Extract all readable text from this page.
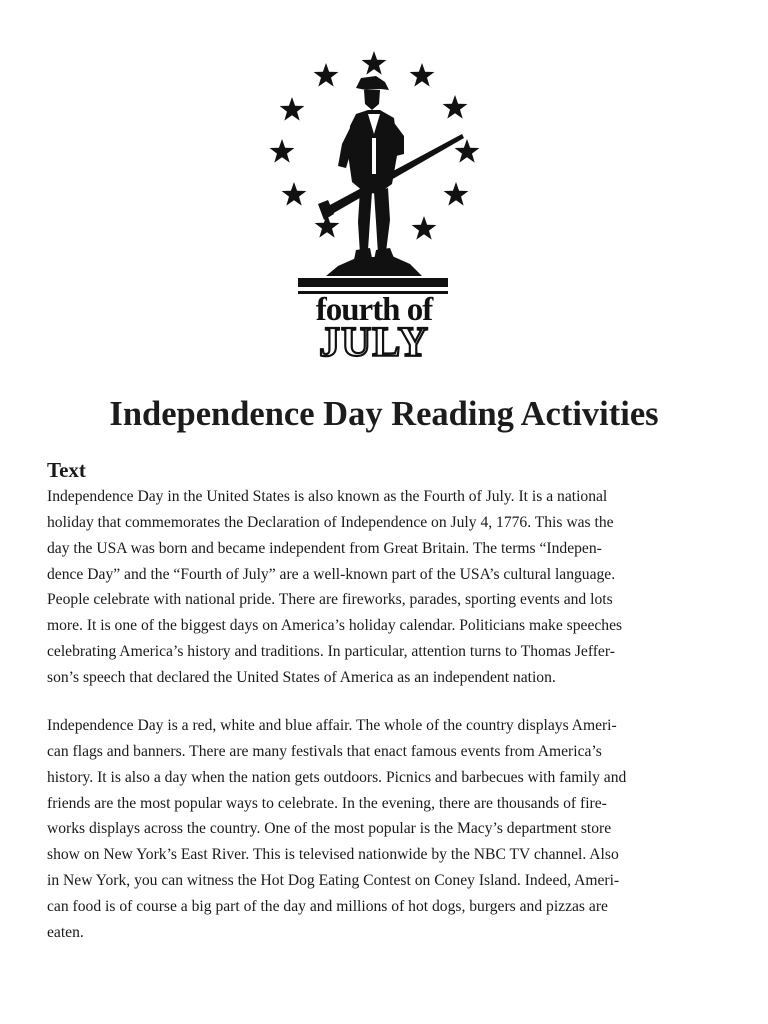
fourth of
JULY
Independence Day Reading Activities
Text

Independence Day in the United States is also known as the Fourth of July. It is a national
holiday that commemorates the Declaration of Independence on July 4, 1776. This was the
day the USA was born and became independent from Great Britain. The terms “Indepen-
dence Day” and the “Fourth of July” are a well-known part of the USA’s cultural language.
People celebrate with national pride. There are fireworks, parades, sporting events and lots
more. It is one of the biggest days on America’s holiday calendar. Politicians make speeches
celebrating America’s history and traditions. In particular, attention turns to Thomas Jeffer-
son’s speech that declared the United States of America as an independent nation.

Independence Day is a red, white and blue affair. The whole of the country displays Ameri-
can flags and banners. There are many festivals that enact famous events from America’s
history. It is also a day when the nation gets outdoors. Picnics and barbecues with family and
friends are the most popular ways to celebrate. In the evening, there are thousands of fire-
works displays across the country. One of the most popular is the Macy’s department store
show on New York’s East River. This is televised nationwide by the NBC TV channel. Also
in New York, you can witness the Hot Dog Eating Contest on Coney Island. Indeed, Ameri-
can food is of course a big part of the day and millions of hot dogs, burgers and pizzas are
eaten.
